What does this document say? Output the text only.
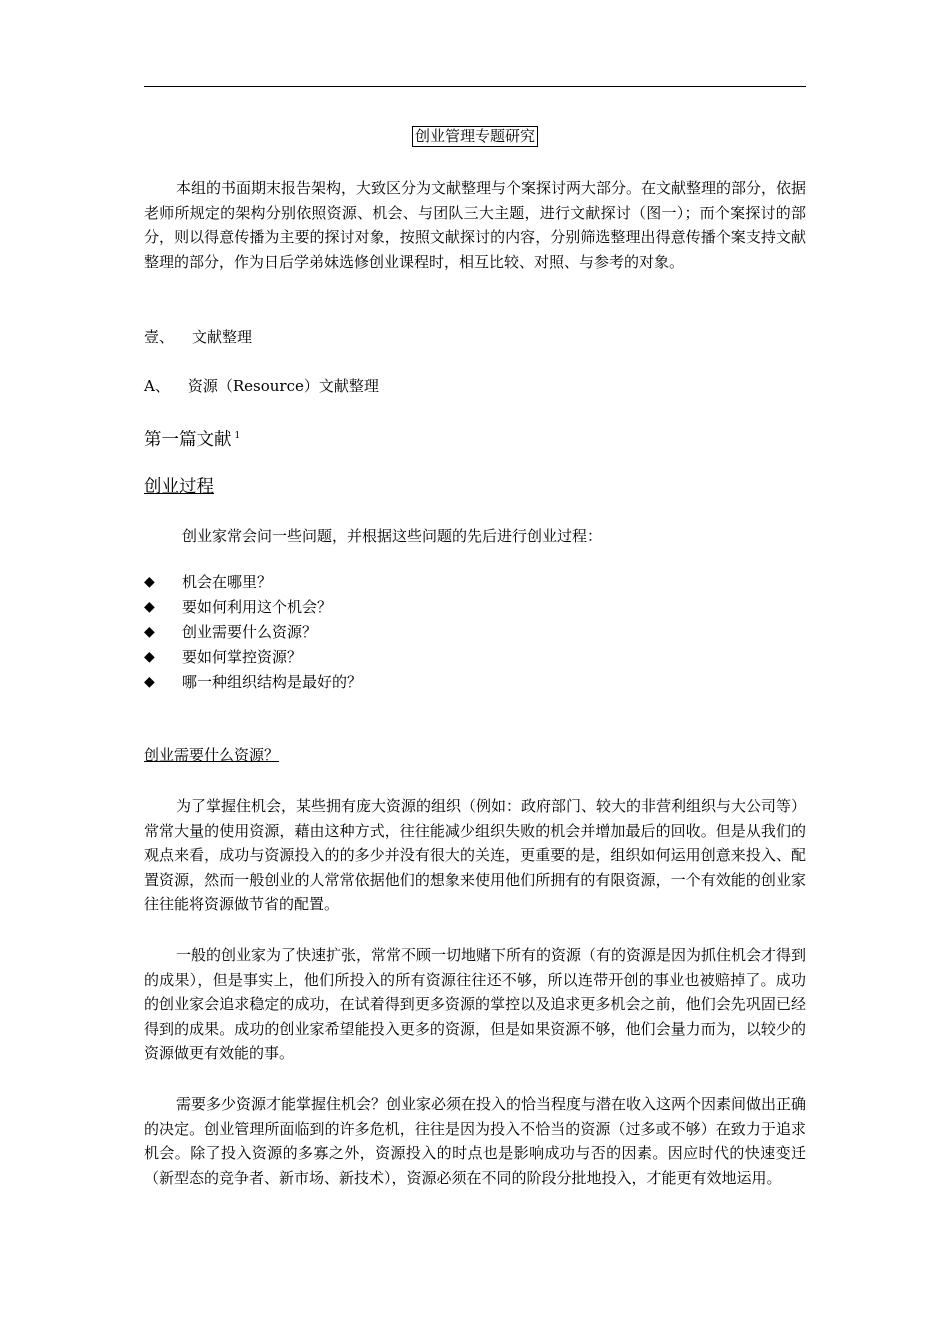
创业管理专题研究

本组的书面期末报告架构，大致区分为文献整理与个案探讨两大部分。在文献整理的部分，依据老师所规定的架构分别依照资源、机会、与团队三大主题，进行文献探讨（图一）；而个案探讨的部分，则以得意传播为主要的探讨对象，按照文献探讨的内容，分别筛选整理出得意传播个案支持文献整理的部分，作为日后学弟妹选修创业课程时，相互比较、对照、与参考的对象。

壹、 文献整理
A、 资源（Resource）文献整理
第一篇文献 $^1$
创业过程
创业家常会问一些问题，并根据这些问题的先后进行创业过程：
◆	机会在哪里？
◆	要如何利用这个机会？
◆	创业需要什么资源？
◆	要如何掌控资源？
◆	哪一种组织结构是最好的？
创业需要什么资源？

为了掌握住机会，某些拥有庞大资源的组织（例如：政府部门、较大的非营利组织与大公司等）常常大量的使用资源，藉由这种方式，往往能减少组织失败的机会并增加最后的回收。但是从我们的观点来看，成功与资源投入的的多少并没有很大的关连，更重要的是，组织如何运用创意来投入、配置资源，然而一般创业的人常常依据他们的想象来使用他们所拥有的有限资源，一个有效能的创业家往往能将资源做节省的配置。

一般的创业家为了快速扩张，常常不顾一切地赌下所有的资源（有的资源是因为抓住机会才得到的成果），但是事实上，他们所投入的所有资源往往还不够，所以连带开创的事业也被赔掉了。成功的创业家会追求稳定的成功，在试着得到更多资源的掌控以及追求更多机会之前，他们会先巩固已经得到的成果。成功的创业家希望能投入更多的资源，但是如果资源不够，他们会量力而为，以较少的资源做更有效能的事。

需要多少资源才能掌握住机会？创业家必须在投入的恰当程度与潜在收入这两个因素间做出正确的决定。创业管理所面临到的许多危机，往往是因为投入不恰当的资源（过多或不够）在致力于追求机会。除了投入资源的多寡之外，资源投入的时点也是影响成功与否的因素。因应时代的快速变迁（新型态的竞争者、新市场、新技术），资源必须在不同的阶段分批地投入，才能更有效地运用。
